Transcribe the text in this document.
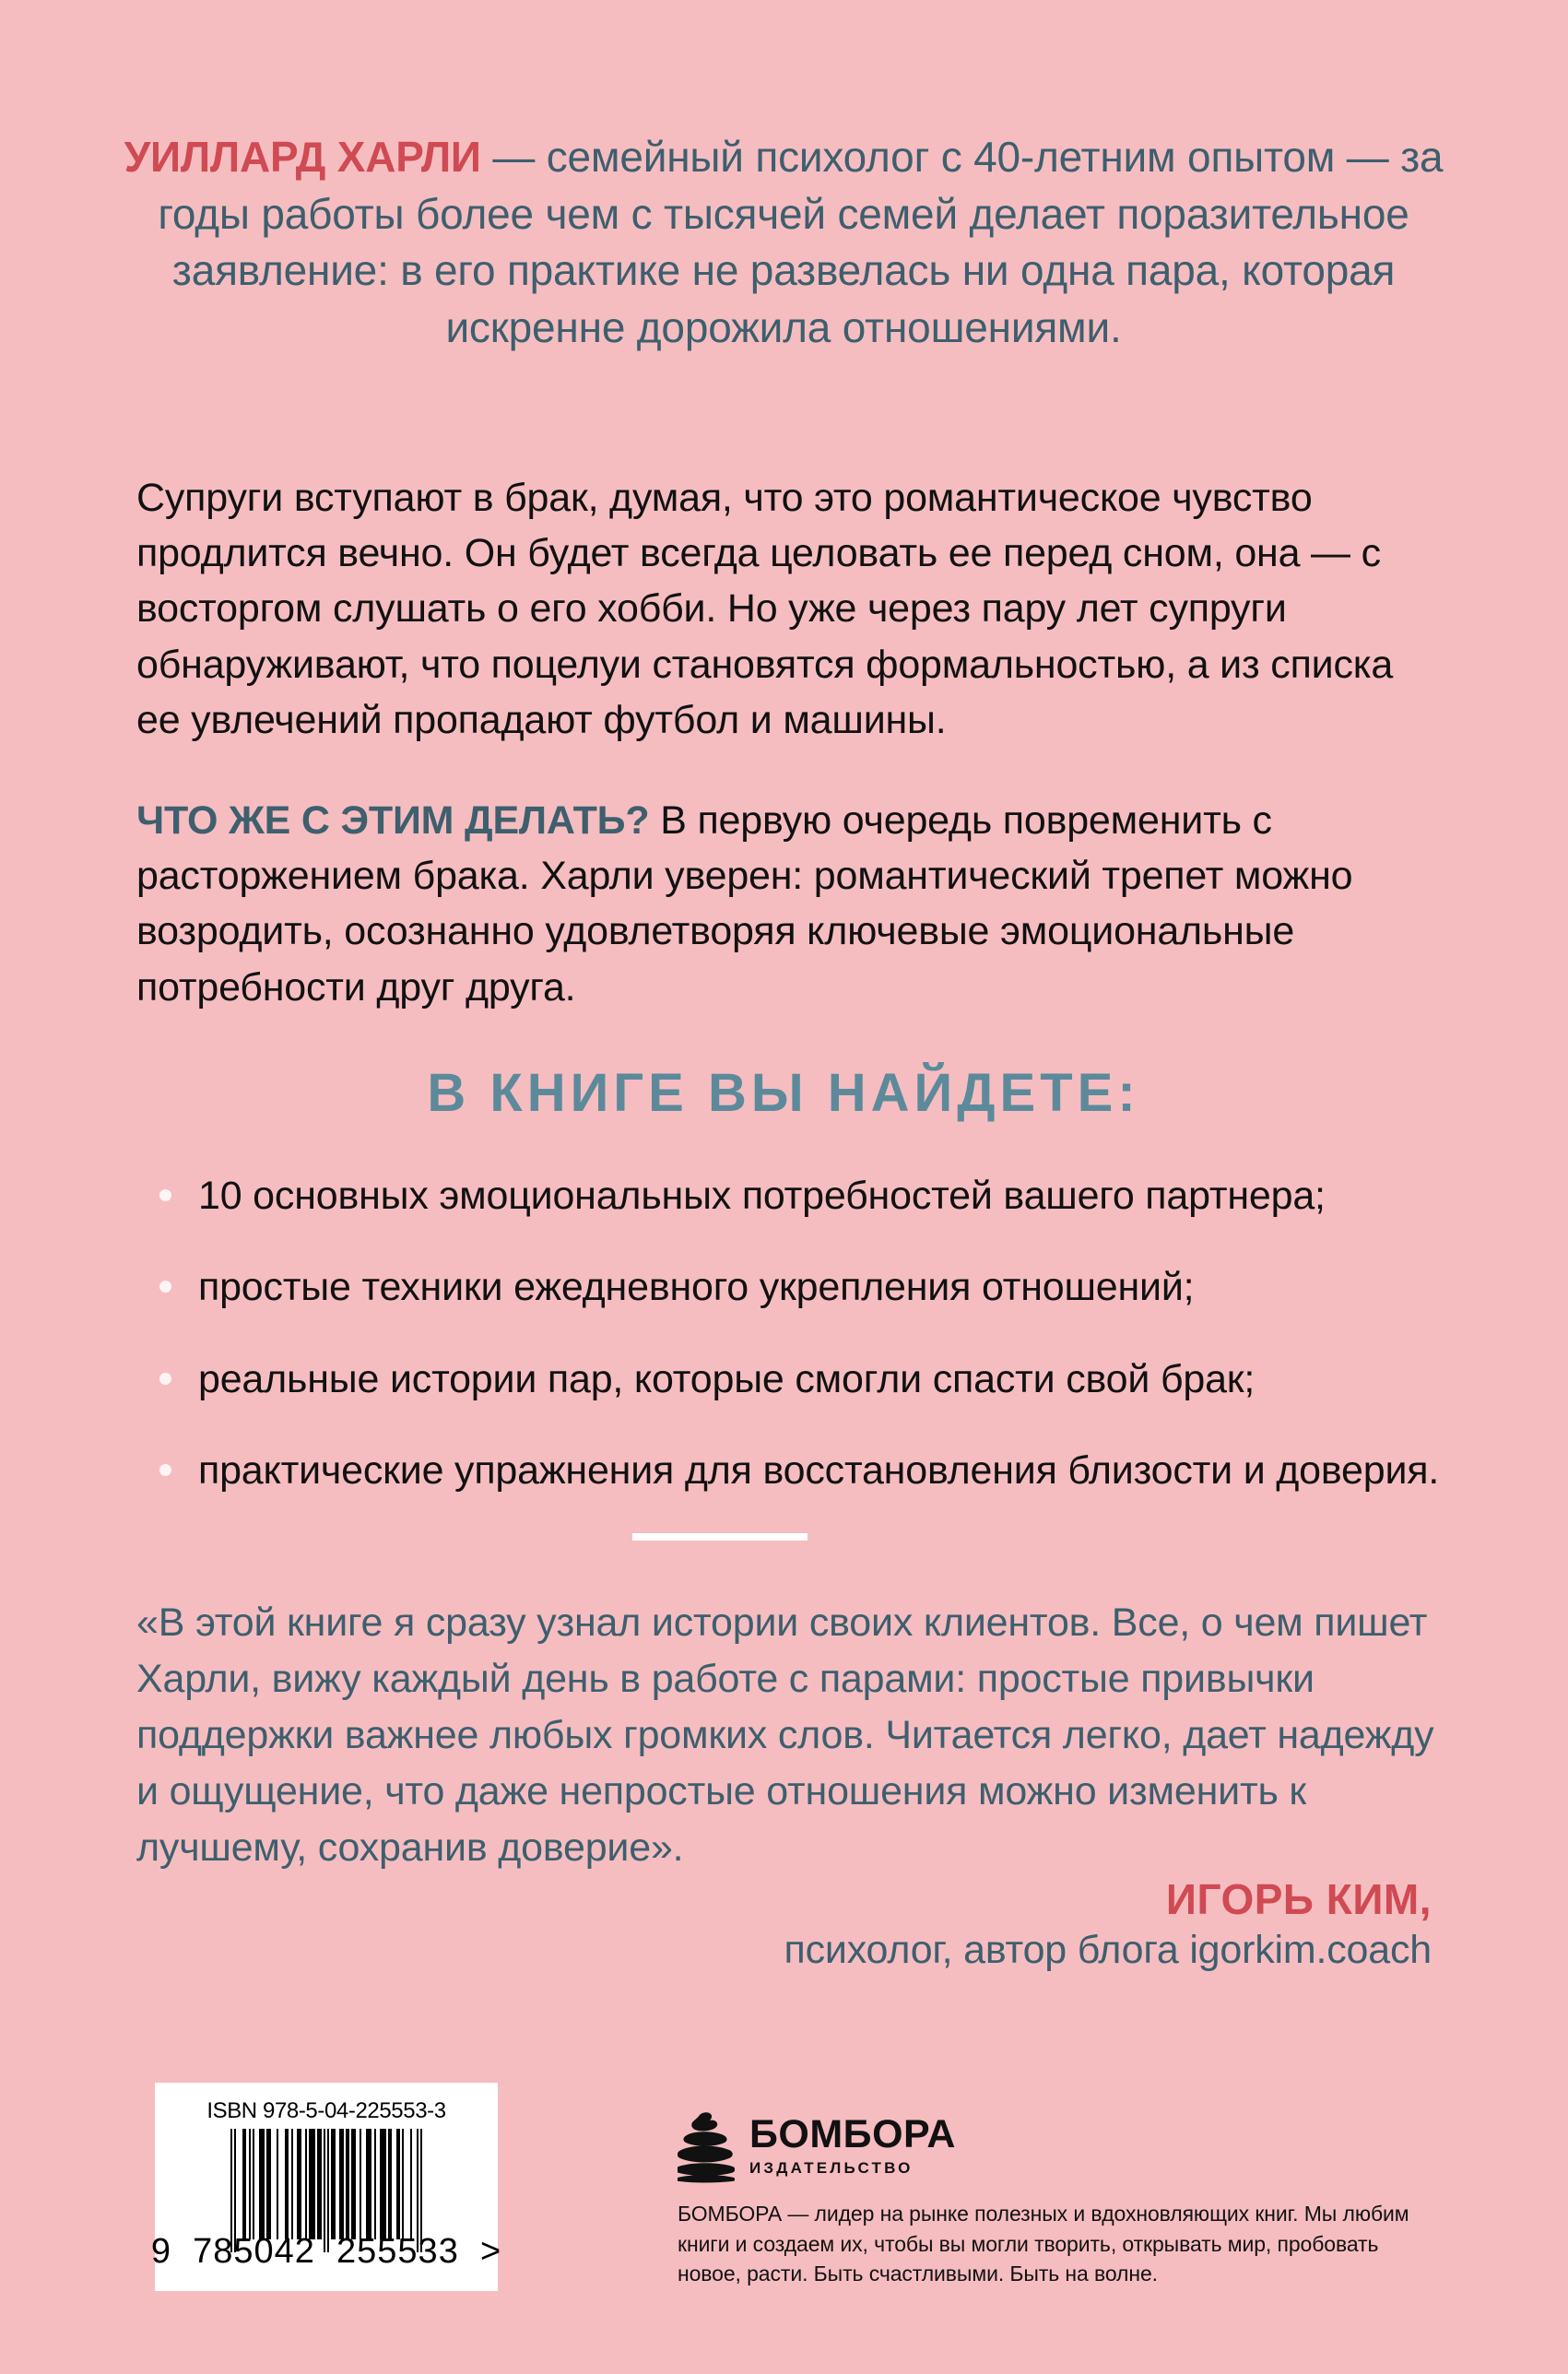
УИЛЛАРД ХАРЛИ — семейный психолог с 40-летним опытом — за годы работы более чем с тысячей семей делает поразительное заявление: в его практике не развелась ни одна пара, которая искренне дорожила отношениями.
Супруги вступают в брак, думая, что это романтическое чувство продлится вечно. Он будет всегда целовать ее перед сном, она — с восторгом слушать о его хобби. Но уже через пару лет супруги обнаруживают, что поцелуи становятся формальностью, а из списка ее увлечений пропадают футбол и машины.
ЧТО ЖЕ С ЭТИМ ДЕЛАТЬ? В первую очередь повременить с расторжением брака. Харли уверен: романтический трепет можно возродить, осознанно удовлетворяя ключевые эмоциональные потребности друг друга.
В КНИГЕ ВЫ НАЙДЕТЕ:
10 основных эмоциональных потребностей вашего партнера;
простые техники ежедневного укрепления отношений;
реальные истории пар, которые смогли спасти свой брак;
практические упражнения для восстановления близости и доверия.
«В этой книге я сразу узнал истории своих клиентов. Все, о чем пишет Харли, вижу каждый день в работе с парами: простые привычки поддержки важнее любых громких слов. Читается легко, дает надежду и ощущение, что даже непростые отношения можно изменить к лучшему, сохранив доверие».
ИГОРЬ КИМ,
психолог, автор блога igorkim.coach
ISBN 978-5-04-225553-3
9  785042  255533  >
БОМБОРА
ИЗДАТЕЛЬСТВО
БОМБОРА — лидер на рынке полезных и вдохновляющих книг. Мы любим книги и создаем их, чтобы вы могли творить, открывать мир, пробовать новое, расти. Быть счастливыми. Быть на волне.
